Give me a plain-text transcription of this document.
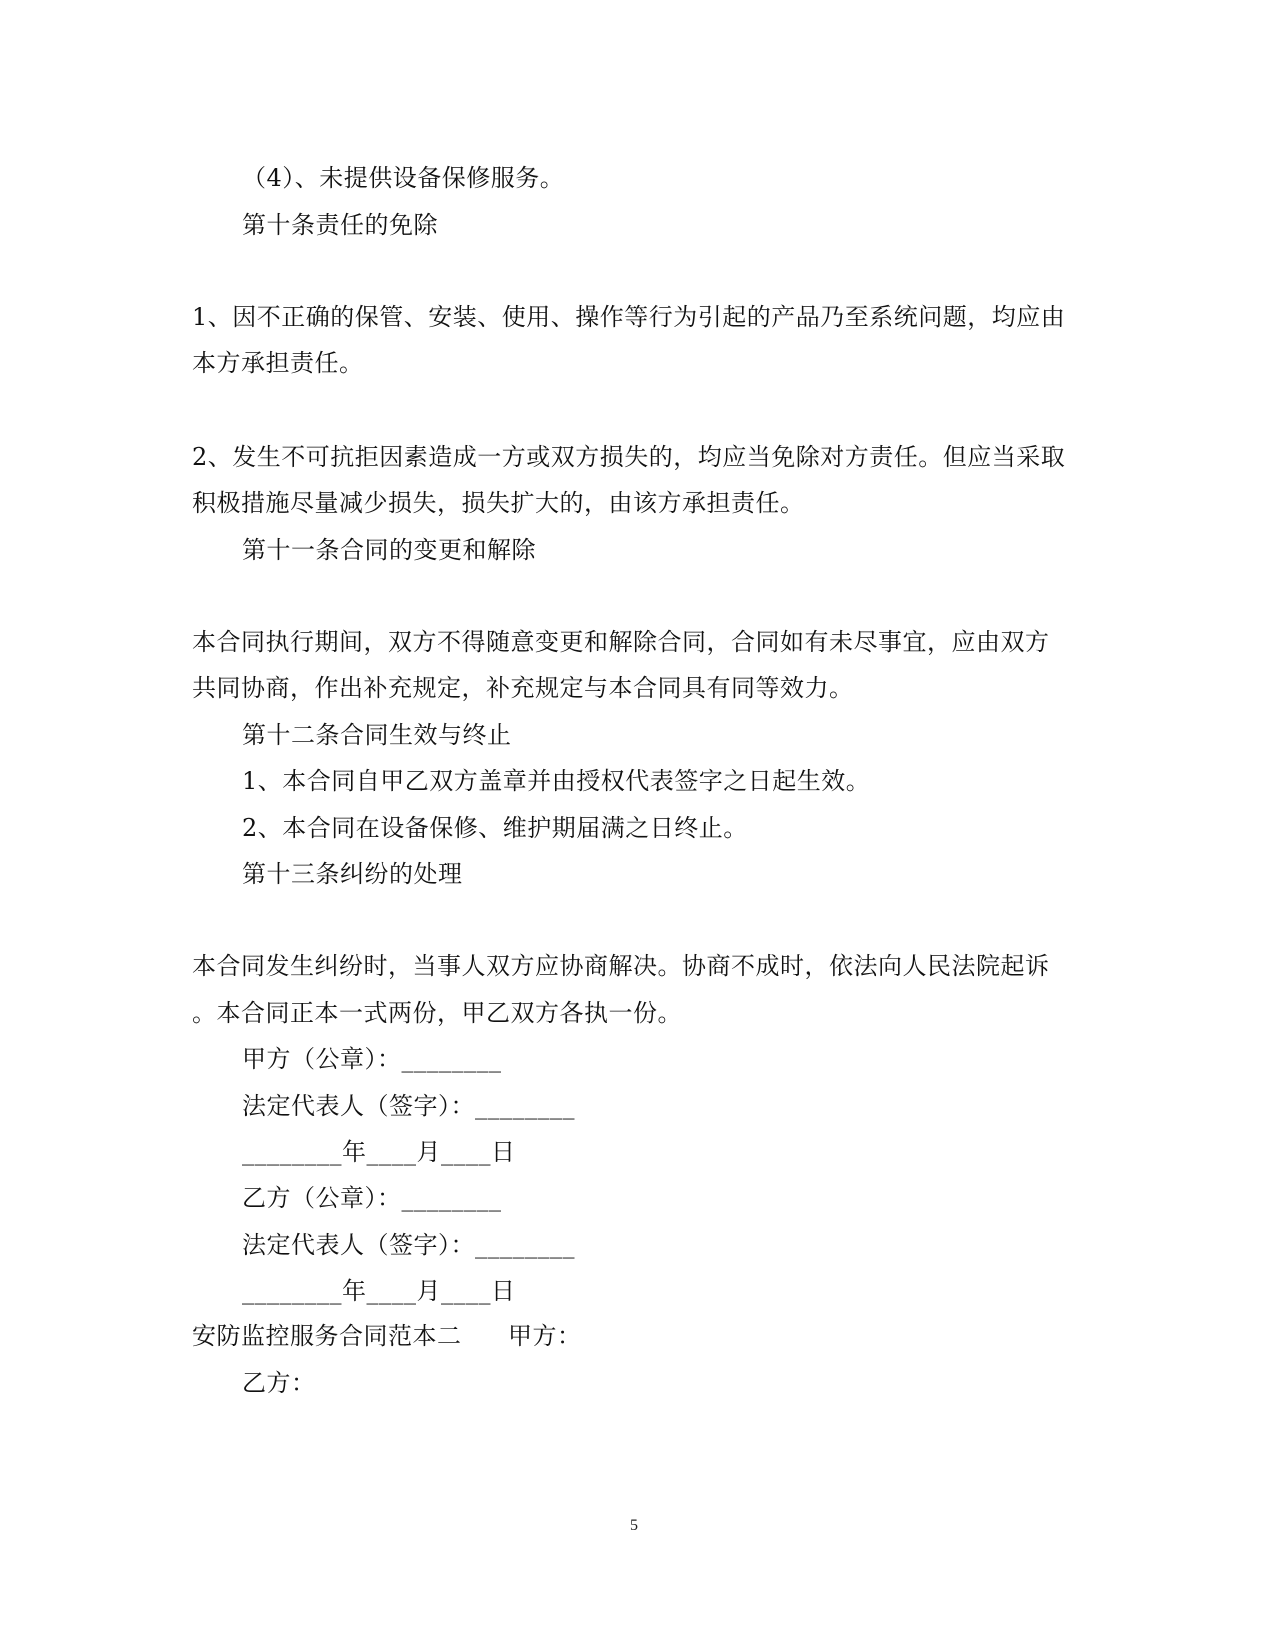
（4）、未提供设备保修服务。
第十条责任的免除
1、因不正确的保管、安装、使用、操作等行为引起的产品乃至系统问题，均应由
本方承担责任。
2、发生不可抗拒因素造成一方或双方损失的，均应当免除对方责任。但应当采取
积极措施尽量减少损失，损失扩大的，由该方承担责任。
第十一条合同的变更和解除
本合同执行期间，双方不得随意变更和解除合同，合同如有未尽事宜，应由双方
共同协商，作出补充规定，补充规定与本合同具有同等效力。
第十二条合同生效与终止
1、本合同自甲乙双方盖章并由授权代表签字之日起生效。
2、本合同在设备保修、维护期届满之日终止。
第十三条纠纷的处理
本合同发生纠纷时，当事人双方应协商解决。协商不成时，依法向人民法院起诉
。本合同正本一式两份，甲乙双方各执一份。
甲方（公章）：________
法定代表人（签字）：________
________年____月____日
乙方（公章）：________
法定代表人（签字）：________
________年____月____日
安防监控服务合同范本二 甲方：
乙方：
5
